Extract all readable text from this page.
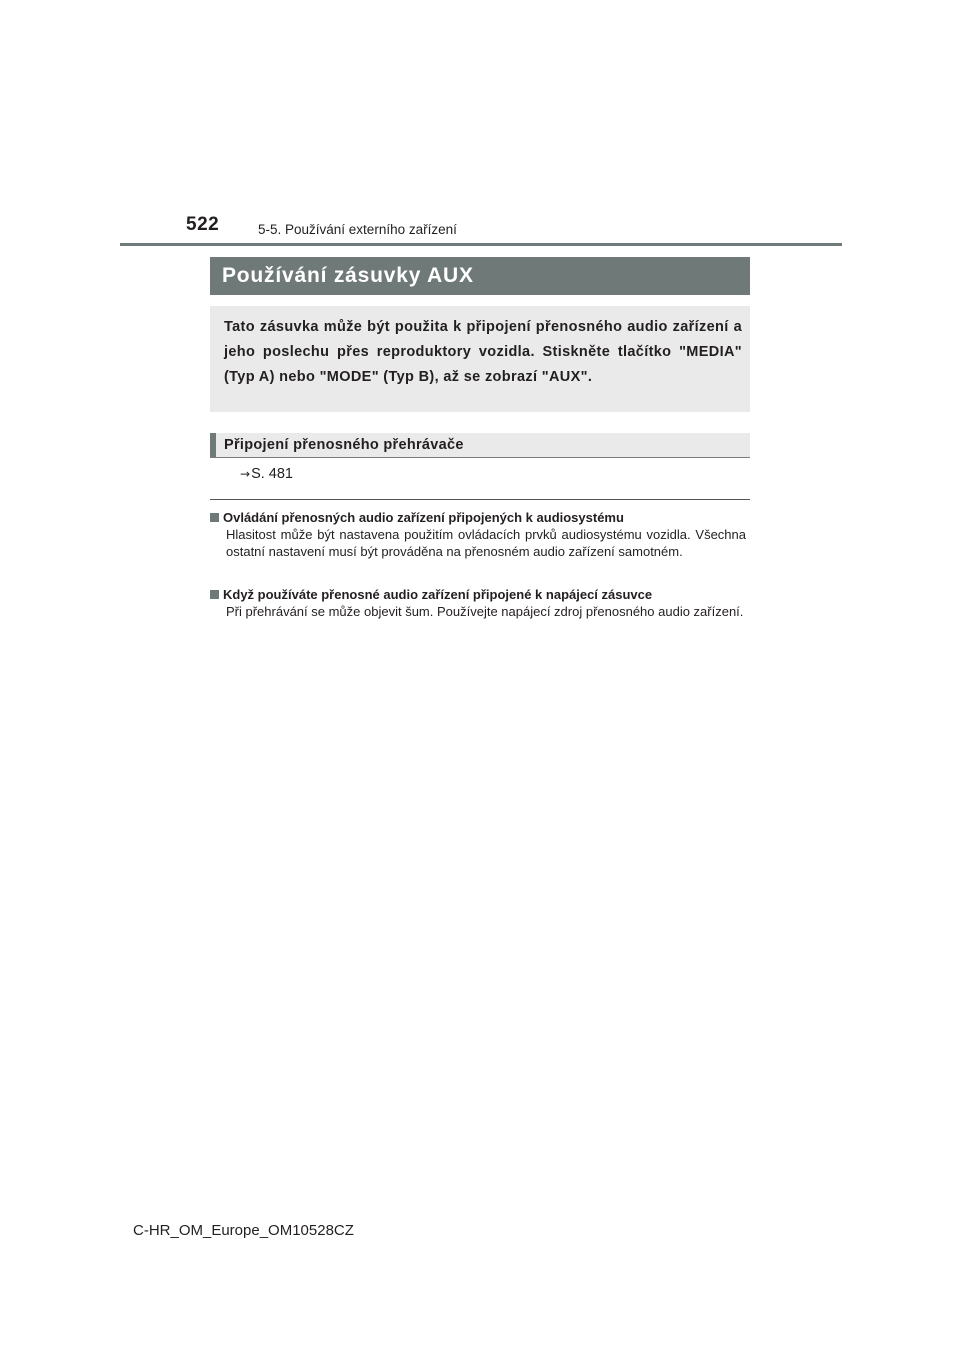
522	5-5. Používání externího zařízení
Používání zásuvky AUX

Tato zásuvka může být použita k připojení přenosného audio zařízení a jeho poslechu přes reproduktory vozidla. Stiskněte tlačítko "MEDIA" (Typ A) nebo "MODE" (Typ B), až se zobrazí "AUX".

Připojení přenosného přehrávače
→S. 481
Ovládání přenosných audio zařízení připojených k audiosystému

Hlasitost může být nastavena použitím ovládacích prvků audiosystému vozidla. Všechna ostatní nastavení musí být prováděna na přenosném audio zařízení samotném.

Když používáte přenosné audio zařízení připojené k napájecí zásuvce

Při přehrávání se může objevit šum. Používejte napájecí zdroj přenosného audio zařízení.

C-HR_OM_Europe_OM10528CZ
